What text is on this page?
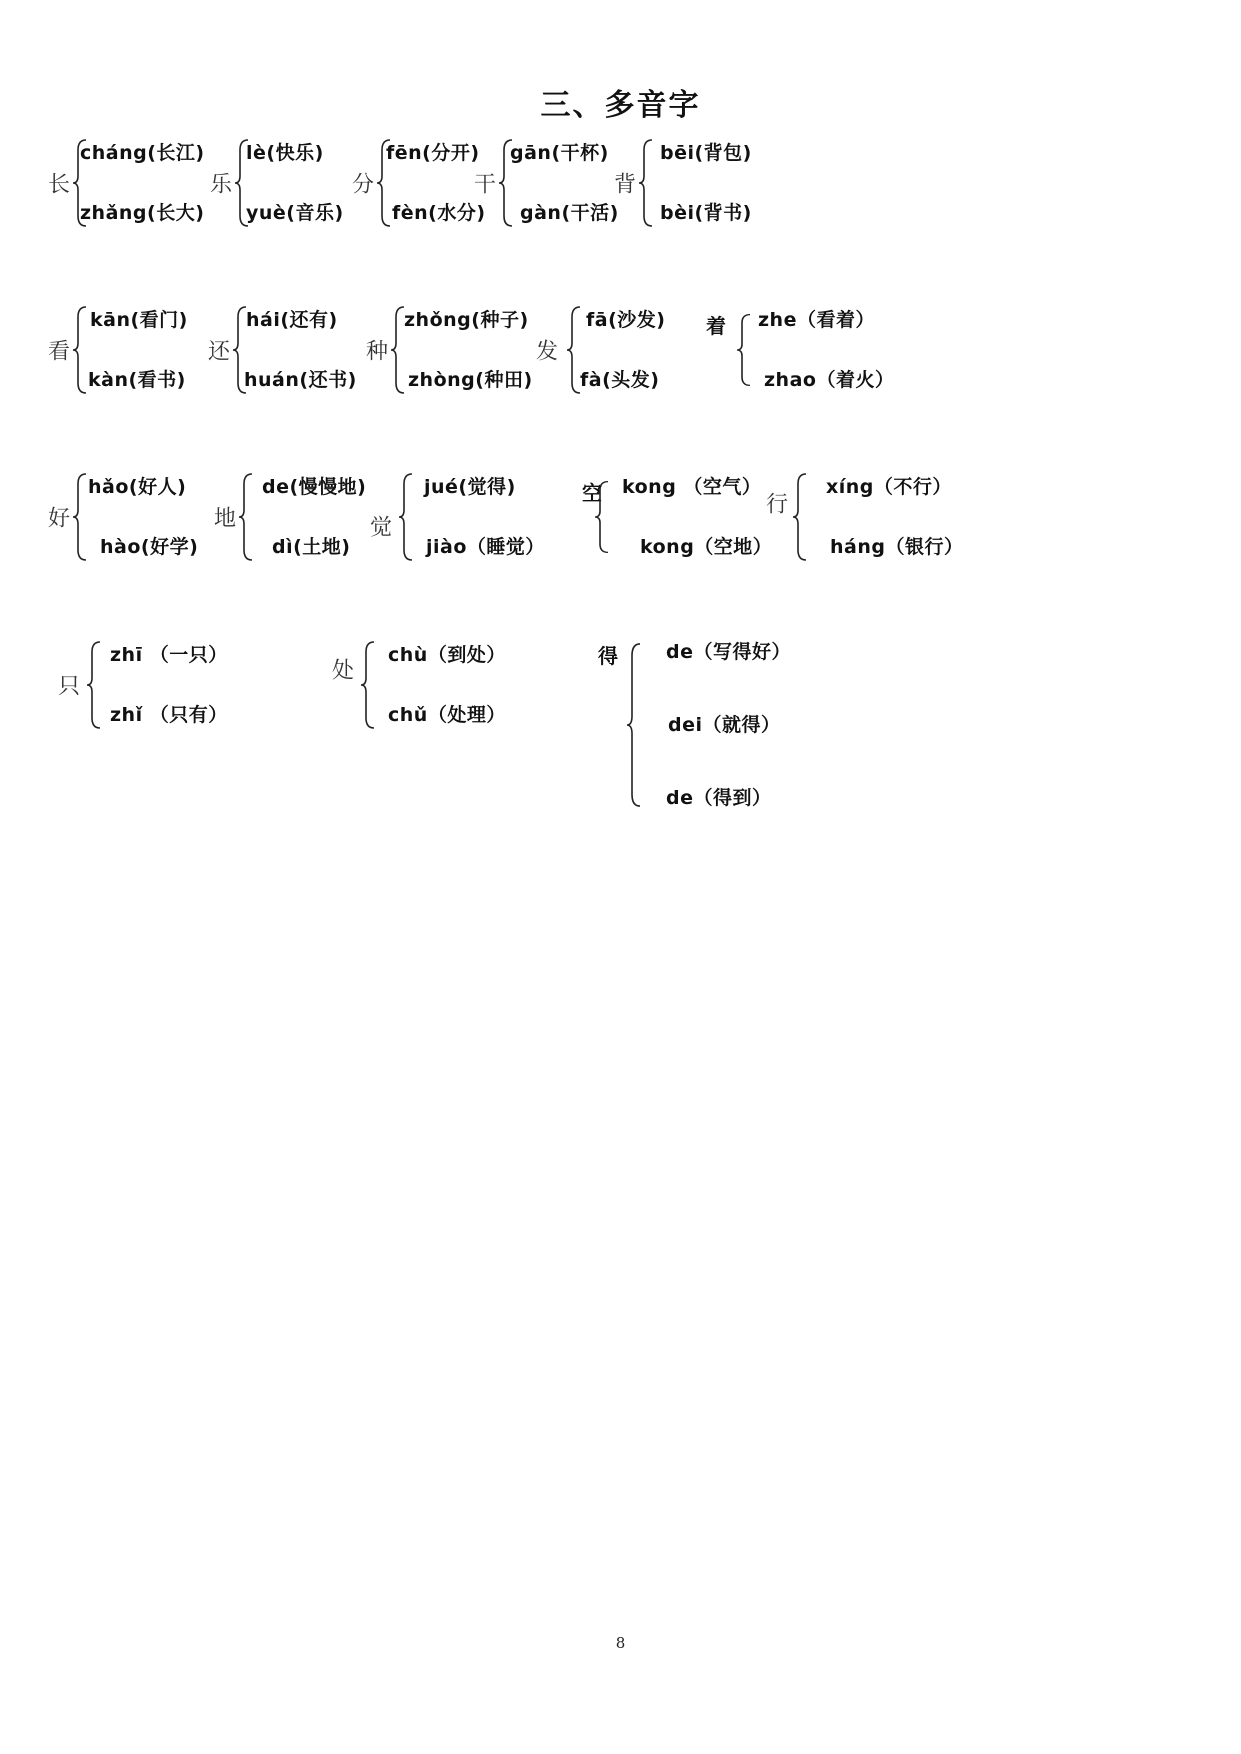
三、多音字
长
cháng(长江)
zhǎng(长大)
乐
lè(快乐)
yuè(音乐)
分
fēn(分开)
fèn(水分)
干
gān(干杯)
gàn(干活)
背
bēi(背包)
bèi(背书)
看
kān(看门)
kàn(看书)
还
hái(还有)
huán(还书)
种
zhǒng(种子)
zhòng(种田)
发
fā(沙发)
fà(头发)
着 zhe（看着）
zhao（着火）
好
hǎo(好人)
hào(好学)
地
de(慢慢地)
dì(土地)
觉
jué(觉得)
jiào（睡觉）
空 kong （空气）
kong（空地）
行
xíng（不行）
háng（银行）
只
zhī （一只）
zhǐ （只有）
处
chù（到处）
chǔ（处理）
得	de（写得好）
dei（就得）
de（得到）
8
